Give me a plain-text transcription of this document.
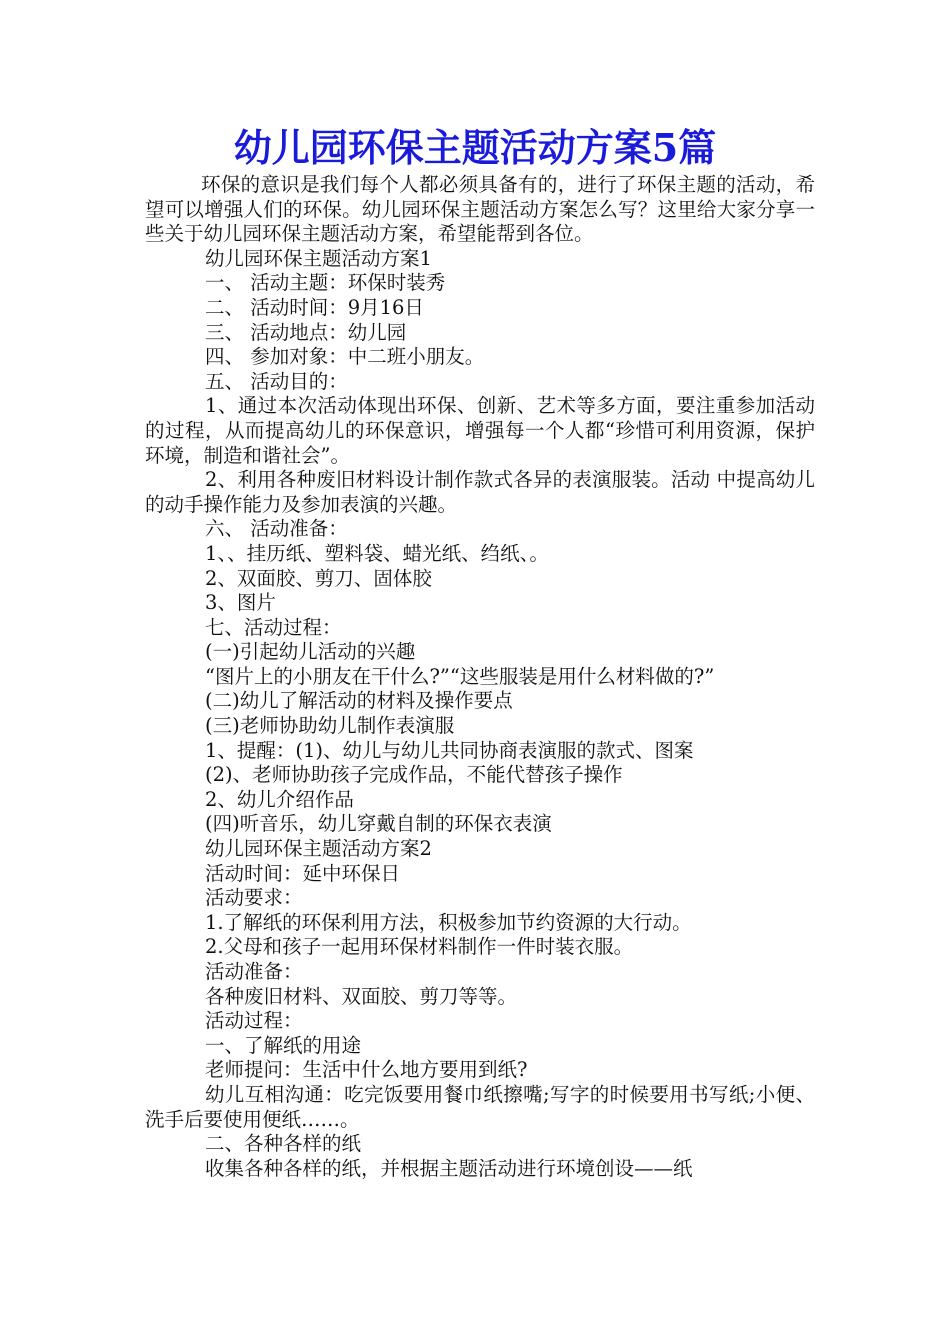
幼儿园环保主题活动方案5篇

环保的意识是我们每个人都必须具备有的，进行了环保主题的活动，希望可以增强人们的环保。幼儿园环保主题活动方案怎么写？这里给大家分享一些关于幼儿园环保主题活动方案，希望能帮到各位。

幼儿园环保主题活动方案1

一、 活动主题：环保时装秀

二、 活动时间：9月16日

三、 活动地点：幼儿园

四、 参加对象：中二班小朋友。

五、 活动目的：

1、通过本次活动体现出环保、创新、艺术等多方面，要注重参加活动的过程，从而提高幼儿的环保意识，增强每一个人都“珍惜可利用资源，保护环境，制造和谐社会”。

2、利用各种废旧材料设计制作款式各异的表演服装。活动 中提高幼儿的动手操作能力及参加表演的兴趣。

六、 活动准备：

1、、挂历纸、塑料袋、蜡光纸、绉纸、。

2、双面胶、剪刀、固体胶

3、图片

七、活动过程：

(一)引起幼儿活动的兴趣

“图片上的小朋友在干什么?”“这些服装是用什么材料做的?”

(二)幼儿了解活动的材料及操作要点

(三)老师协助幼儿制作表演服

1、提醒：(1)、幼儿与幼儿共同协商表演服的款式、图案

(2)、老师协助孩子完成作品，不能代替孩子操作

2、幼儿介绍作品

(四)听音乐，幼儿穿戴自制的环保衣表演

幼儿园环保主题活动方案2

活动时间：延中环保日

活动要求：

1.了解纸的环保利用方法，积极参加节约资源的大行动。

2.父母和孩子一起用环保材料制作一件时装衣服。

活动准备：

各种废旧材料、双面胶、剪刀等等。

活动过程：

一、了解纸的用途

老师提问：生活中什么地方要用到纸?

幼儿互相沟通：吃完饭要用餐巾纸擦嘴;写字的时候要用书写纸;小便、洗手后要使用便纸……。

二、各种各样的纸

收集各种各样的纸，并根据主题活动进行环境创设——纸
